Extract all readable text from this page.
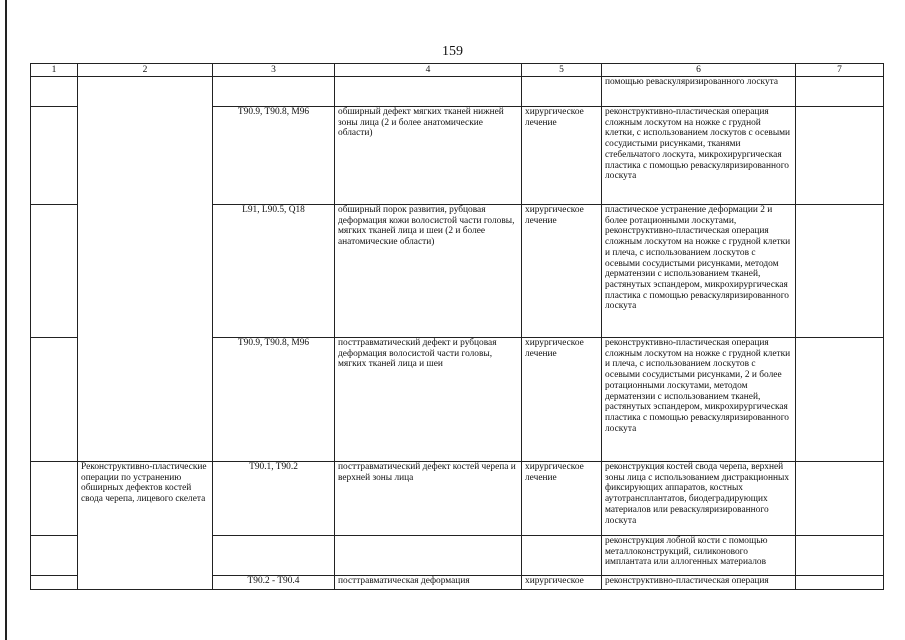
159
1	2	3	4	5	6	7
					помощью реваскуляризированного лоскута	
		T90.9, T90.8, M96	обширный дефект мягких тканей нижней зоны лица (2 и более анатомические области)	хирургическое лечение	реконструктивно-пластическая операция сложным лоскутом на ножке с грудной клетки, с использованием лоскутов с осевыми сосудистыми рисунками, тканями стебельчатого лоскута, микрохирургическая пластика с помощью реваскуляризированного лоскута	
		L91, L90.5, Q18	обширный порок развития, рубцовая деформация кожи волосистой части головы, мягких тканей лица и шеи (2 и более анатомические области)	хирургическое лечение	пластическое устранение деформации 2 и более ротационными лоскутами, реконструктивно-пластическая операция сложным лоскутом на ножке с грудной клетки и плеча, с использованием лоскутов с осевыми сосудистыми рисунками, методом дерматензии с использованием тканей, растянутых эспандером, микрохирургическая пластика с помощью реваскуляризированного лоскута	
		T90.9, T90.8, M96	посттравматический дефект и рубцовая деформация волосистой части головы, мягких тканей лица и шеи	хирургическое лечение	реконструктивно-пластическая операция сложным лоскутом на ножке с грудной клетки и плеча, с использованием лоскутов с осевыми сосудистыми рисунками, 2 и более ротационными лоскутами, методом дерматензии с использованием тканей, растянутых эспандером, микрохирургическая пластика с помощью реваскуляризированного лоскута	
	Реконструктивно-пластические операции по устранению обширных дефектов костей свода черепа, лицевого скелета	T90.1, T90.2	посттравматический дефект костей черепа и верхней зоны лица	хирургическое лечение	реконструкция костей свода черепа, верхней зоны лица с использованием дистракционных фиксирующих аппаратов, костных аутотрансплантатов, биодеградирующих материалов или реваскуляризированного лоскута	
					реконструкция лобной кости с помощью металлоконструкций, силиконового имплантата или аллогенных материалов	
		T90.2 - T90.4	посттравматическая деформация	хирургическое	реконструктивно-пластическая операция	
